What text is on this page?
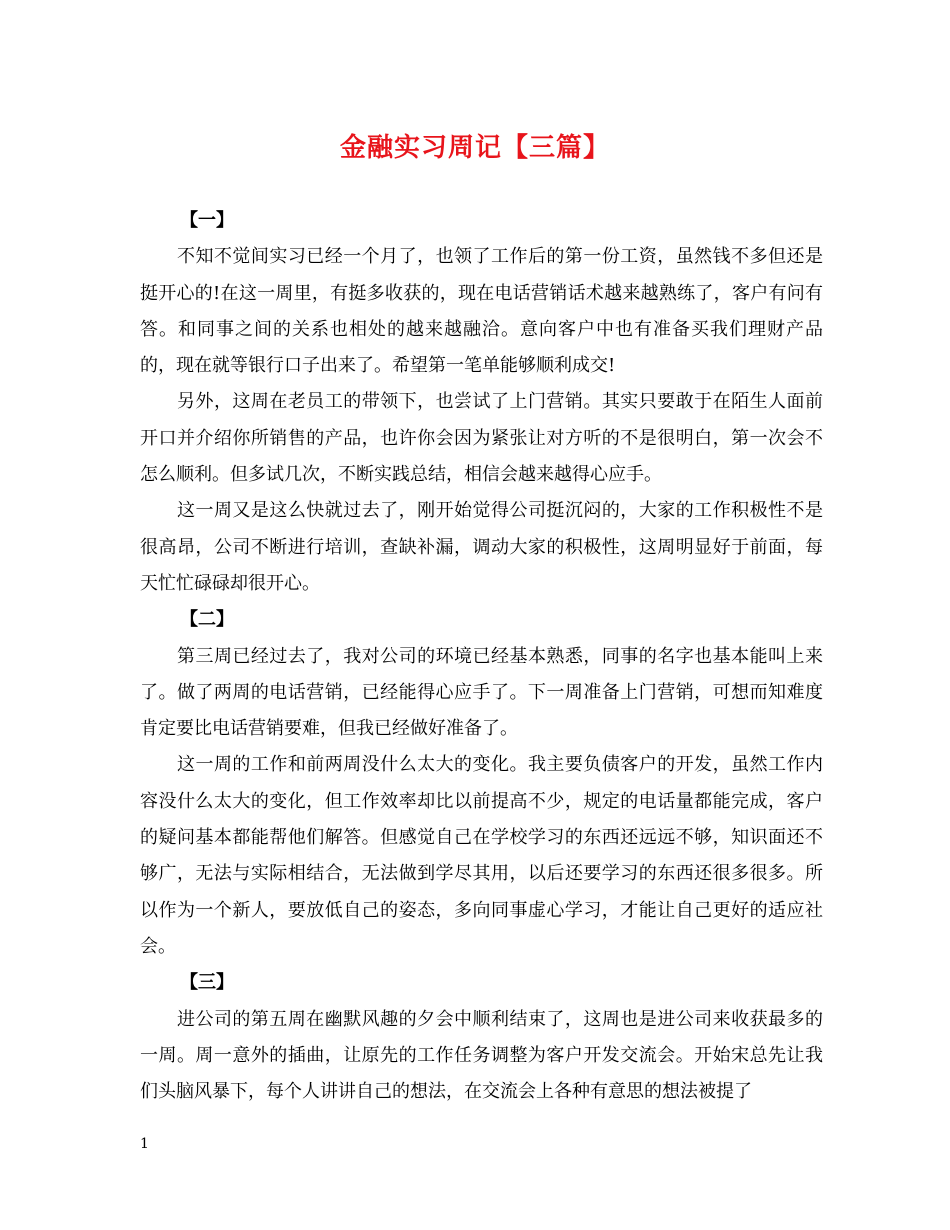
金融实习周记【三篇】

【一】

不知不觉间实习已经一个月了，也领了工作后的第一份工资，虽然钱不多但还是挺开心的!在这一周里，有挺多收获的，现在电话营销话术越来越熟练了，客户有问有答。和同事之间的关系也相处的越来越融洽。意向客户中也有准备买我们理财产品的，现在就等银行口子出来了。希望第一笔单能够顺利成交!

另外，这周在老员工的带领下，也尝试了上门营销。其实只要敢于在陌生人面前开口并介绍你所销售的产品，也许你会因为紧张让对方听的不是很明白，第一次会不怎么顺利。但多试几次，不断实践总结，相信会越来越得心应手。

这一周又是这么快就过去了，刚开始觉得公司挺沉闷的，大家的工作积极性不是很高昂，公司不断进行培训，查缺补漏，调动大家的积极性，这周明显好于前面，每天忙忙碌碌却很开心。

【二】

第三周已经过去了，我对公司的环境已经基本熟悉，同事的名字也基本能叫上来了。做了两周的电话营销，已经能得心应手了。下一周准备上门营销，可想而知难度肯定要比电话营销要难，但我已经做好准备了。

这一周的工作和前两周没什么太大的变化。我主要负债客户的开发，虽然工作内容没什么太大的变化，但工作效率却比以前提高不少，规定的电话量都能完成，客户的疑问基本都能帮他们解答。但感觉自己在学校学习的东西还远远不够，知识面还不够广，无法与实际相结合，无法做到学尽其用，以后还要学习的东西还很多很多。所以作为一个新人，要放低自己的姿态，多向同事虚心学习，才能让自己更好的适应社会。

【三】

进公司的第五周在幽默风趣的夕会中顺利结束了，这周也是进公司来收获最多的一周。周一意外的插曲，让原先的工作任务调整为客户开发交流会。开始宋总先让我们头脑风暴下，每个人讲讲自己的想法，在交流会上各种有意思的想法被提了

1
